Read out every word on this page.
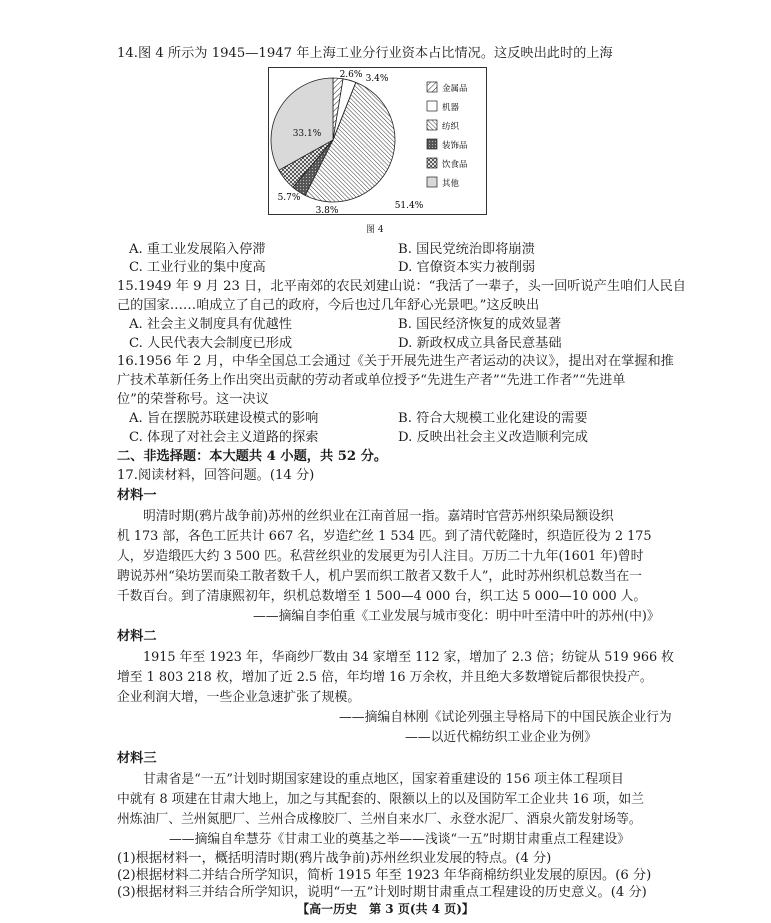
14.图 4 所示为 1945—1947 年上海工业分行业资本占比情况。这反映出此时的上海
2.6% 3.4%
51.4%
3.8%
5.7%
33.1%
金属品
机器
纺织
装饰品
饮食品
其他
图 4
A. 重工业发展陷入停滞	B. 国民党统治即将崩溃
C. 工业行业的集中度高	D. 官僚资本实力被削弱
15.1949 年 9 月 23 日，北平南郊的农民刘建山说：“我活了一辈子，头一回听说产生咱们人民自
己的国家……咱成立了自己的政府，今后也过几年舒心光景吧。”这反映出
A. 社会主义制度具有优越性	B. 国民经济恢复的成效显著
C. 人民代表大会制度已形成	D. 新政权成立具备民意基础
16.1956 年 2 月，中华全国总工会通过《关于开展先进生产者运动的决议》，提出对在掌握和推
广技术革新任务上作出突出贡献的劳动者或单位授予“先进生产者”“先进工作者”“先进单
位”的荣誉称号。这一决议
A. 旨在摆脱苏联建设模式的影响	B. 符合大规模工业化建设的需要
C. 体现了对社会主义道路的探索	D. 反映出社会主义改造顺利完成
二、非选择题：本大题共 4 小题，共 52 分。
17.阅读材料，回答问题。(14 分)
材料一
明清时期(鸦片战争前)苏州的丝织业在江南首屈一指。嘉靖时官营苏州织染局额设织
机 173 部，各色工匠共计 667 名，岁造纻丝 1 534 匹。到了清代乾隆时，织造匠役为 2 175
人，岁造缎匹大约 3 500 匹。私营丝织业的发展更为引人注目。万历二十九年(1601 年)曾时
聘说苏州“染坊罢而染工散者数千人，机户罢而织工散者又数千人”，此时苏州织机总数当在一
千数百台。到了清康熙初年，织机总数增至 1 500—4 000 台，织工达 5 000—10 000 人。
——摘编自李伯重《工业发展与城市变化：明中叶至清中叶的苏州(中)》
材料二
1915 年至 1923 年，华商纱厂数由 34 家增至 112 家，增加了 2.3 倍；纺锭从 519 966 枚
增至 1 803 218 枚，增加了近 2.5 倍，年均增 16 万余枚，并且绝大多数增锭后都很快投产。
企业利润大增，一些企业急速扩张了规模。
——摘编自林刚《试论列强主导格局下的中国民族企业行为
——以近代棉纺织工业企业为例》
材料三
甘肃省是“一五”计划时期国家建设的重点地区，国家着重建设的 156 项主体工程项目
中就有 8 项建在甘肃大地上，加之与其配套的、限额以上的以及国防军工企业共 16 项，如兰
州炼油厂、兰州氮肥厂、兰州合成橡胶厂、兰州自来水厂、永登水泥厂、酒泉火箭发射场等。
——摘编自牟慧芬《甘肃工业的奠基之举——浅谈“一五”时期甘肃重点工程建设》
(1)根据材料一，概括明清时期(鸦片战争前)苏州丝织业发展的特点。(4 分)
(2)根据材料二并结合所学知识，简析 1915 年至 1923 年华商棉纺织业发展的原因。(6 分)
(3)根据材料三并结合所学知识，说明“一五”计划时期甘肃重点工程建设的历史意义。(4 分)
【高一历史　第 3 页(共 4 页)】
